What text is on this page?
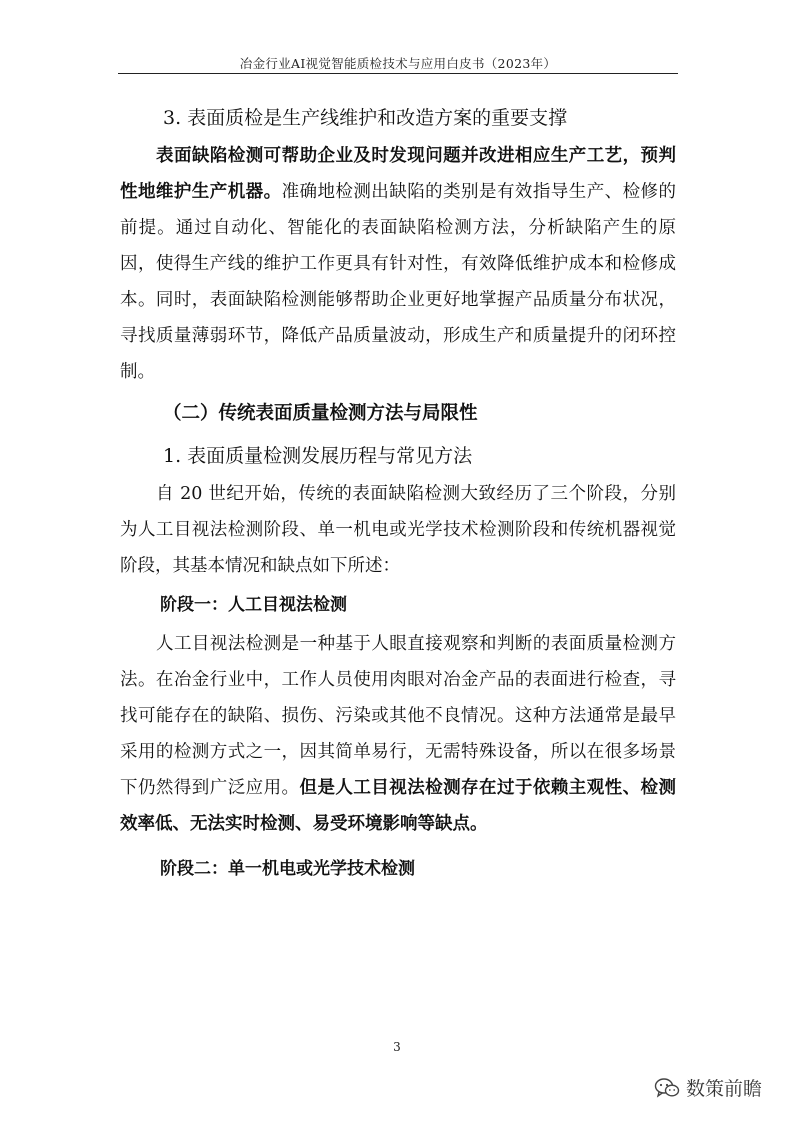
冶金行业AI视觉智能质检技术与应用白皮书（2023年）
3. 表面质检是生产线维护和改造方案的重要支撑

表面缺陷检测可帮助企业及时发现问题并改进相应生产工艺，预判性地维护生产机器。准确地检测出缺陷的类别是有效指导生产、检修的前提。通过自动化、智能化的表面缺陷检测方法，分析缺陷产生的原因，使得生产线的维护工作更具有针对性，有效降低维护成本和检修成本。同时，表面缺陷检测能够帮助企业更好地掌握产品质量分布状况，寻找质量薄弱环节，降低产品质量波动，形成生产和质量提升的闭环控制。

（二）传统表面质量检测方法与局限性
1. 表面质量检测发展历程与常见方法

自 20 世纪开始，传统的表面缺陷检测大致经历了三个阶段，分别为人工目视法检测阶段、单一机电或光学技术检测阶段和传统机器视觉阶段，其基本情况和缺点如下所述：

阶段一：人工目视法检测

人工目视法检测是一种基于人眼直接观察和判断的表面质量检测方法。在冶金行业中，工作人员使用肉眼对冶金产品的表面进行检查，寻找可能存在的缺陷、损伤、污染或其他不良情况。这种方法通常是最早采用的检测方式之一，因其简单易行，无需特殊设备，所以在很多场景下仍然得到广泛应用。但是人工目视法检测存在过于依赖主观性、检测效率低、无法实时检测、易受环境影响等缺点。

阶段二：单一机电或光学技术检测
3
数策前瞻
